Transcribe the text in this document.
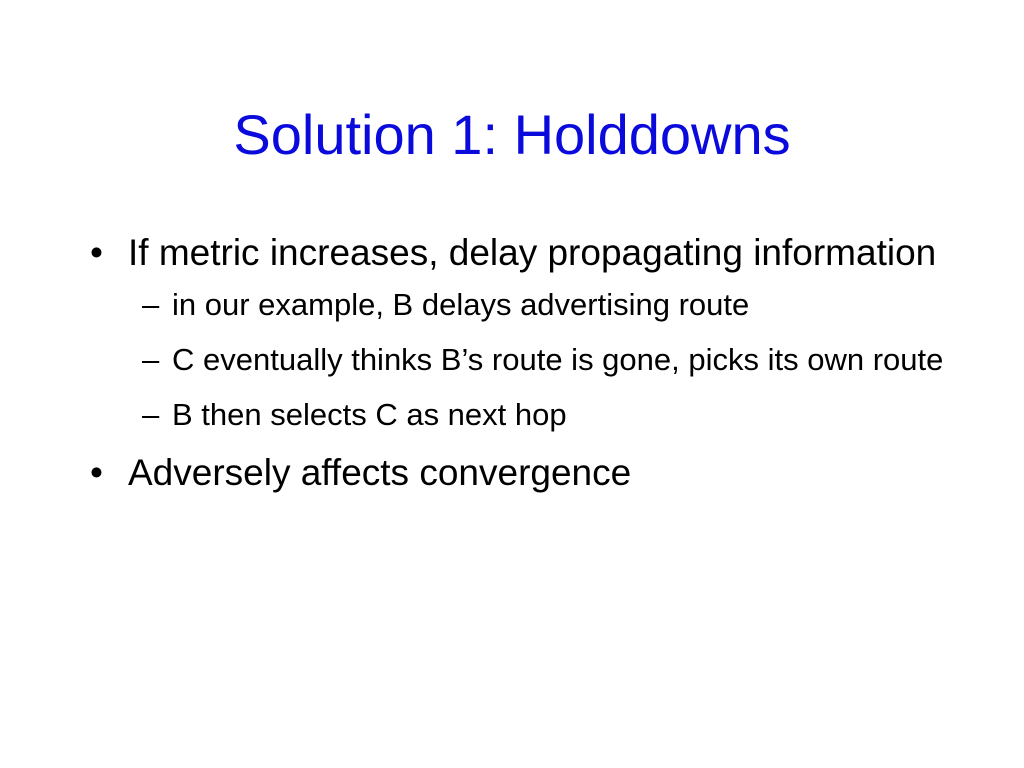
Solution 1: Holddowns
• If metric increases, delay propagating information
– in our example, B delays advertising route
– C eventually thinks B’s route is gone, picks its own route
– B then selects C as next hop
• Adversely affects convergence
